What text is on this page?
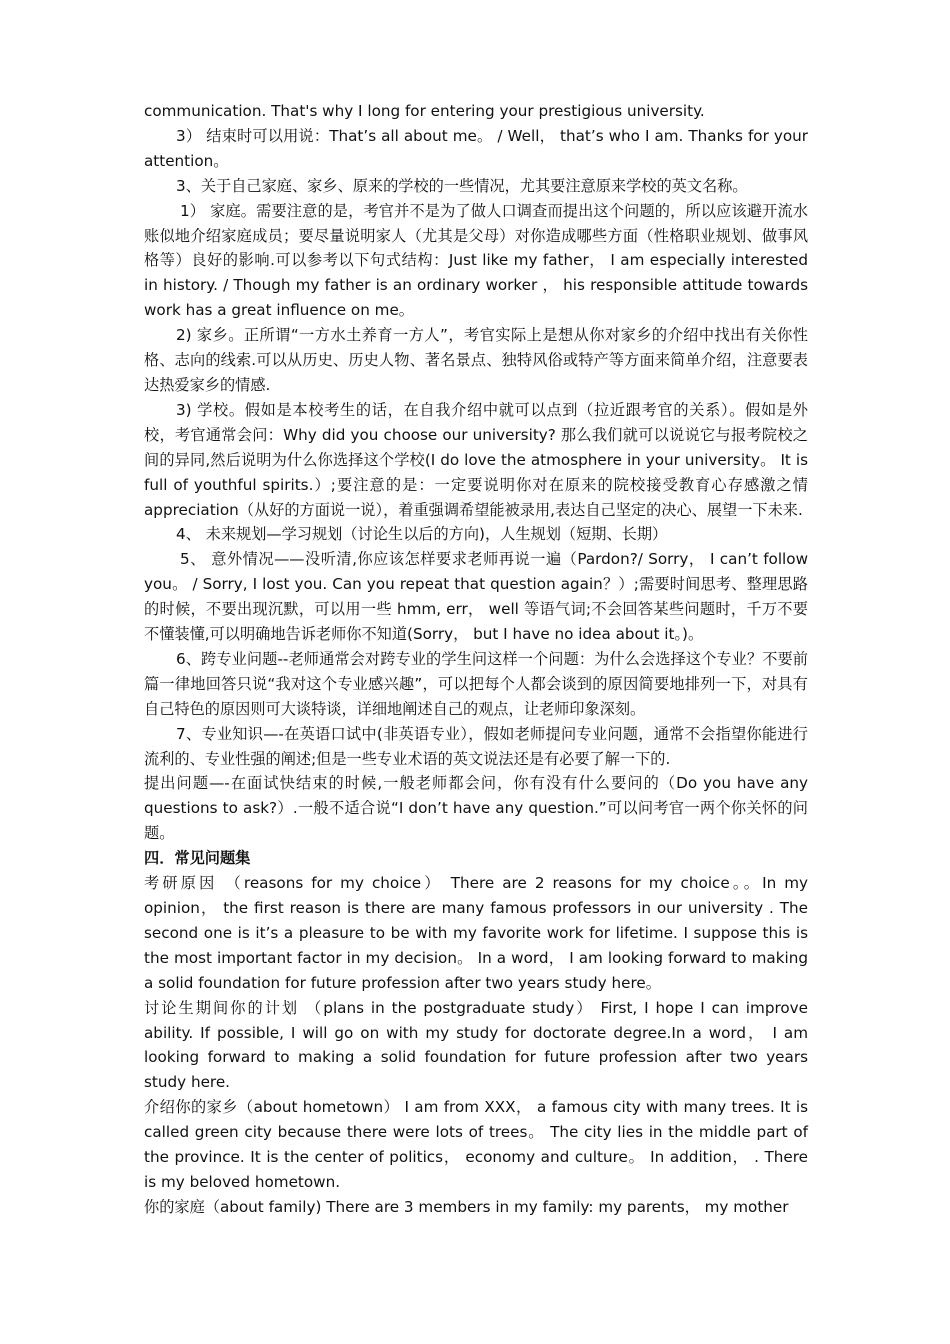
communication. That's why I long for entering your prestigious university.

3） 结束时可以用说：That’s all about me。 / Well， that’s who I am. Thanks for your attention。

3、关于自己家庭、家乡、原来的学校的一些情况，尤其要注意原来学校的英文名称。

1） 家庭。需要注意的是，考官并不是为了做人口调查而提出这个问题的，所以应该避开流水账似地介绍家庭成员；要尽量说明家人（尤其是父母）对你造成哪些方面（性格职业规划、做事风格等）良好的影响.可以参考以下句式结构：Just like my father， I am especially interested in history. / Though my father is an ordinary worker ， his responsible attitude towards work has a great influence on me。

2) 家乡。正所谓“一方水土养育一方人”，考官实际上是想从你对家乡的介绍中找出有关你性格、志向的线索.可以从历史、历史人物、著名景点、独特风俗或特产等方面来简单介绍，注意要表达热爱家乡的情感.

3) 学校。假如是本校考生的话，在自我介绍中就可以点到（拉近跟考官的关系）。假如是外校，考官通常会问：Why did you choose our university? 那么我们就可以说说它与报考院校之间的异同,然后说明为什么你选择这个学校(I do love the atmosphere in your university。 It is full of youthful spirits.）;要注意的是：一定要说明你对在原来的院校接受教育心存感激之情 appreciation（从好的方面说一说），着重强调希望能被录用,表达自己坚定的决心、展望一下未来.

4、 未来规划—学习规划（讨论生以后的方向)，人生规划（短期、长期）

5、 意外情况——没听清,你应该怎样要求老师再说一遍（Pardon?/ Sorry， I can’t follow you。 / Sorry, I lost you. Can you repeat that question again？）;需要时间思考、整理思路的时候，不要出现沉默，可以用一些 hmm, err， well 等语气词;不会回答某些问题时，千万不要不懂装懂,可以明确地告诉老师你不知道(Sorry， but I have no idea about it。)。

6、跨专业问题--老师通常会对跨专业的学生问这样一个问题：为什么会选择这个专业？不要前篇一律地回答只说“我对这个专业感兴趣”，可以把每个人都会谈到的原因简要地排列一下，对具有自己特色的原因则可大谈特谈，详细地阐述自己的观点，让老师印象深刻。

7、专业知识—-在英语口试中(非英语专业），假如老师提问专业问题，通常不会指望你能进行流利的、专业性强的阐述;但是一些专业术语的英文说法还是有必要了解一下的.

提出问题—-在面试快结束的时候,一般老师都会问，你有没有什么要问的（Do you have any questions to ask?）.一般不适合说“I don’t have any question.”可以问考官一两个你关怀的问题。

四．常见问题集

考研原因 （reasons for my choice） There are 2 reasons for my choice。。In my opinion， the first reason is there are many famous professors in our university . The second one is it’s a pleasure to be with my favorite work for lifetime. I suppose this is the most important factor in my decision。 In a word， I am looking forward to making a solid foundation for future profession after two years study here。

讨论生期间你的计划 （plans in the postgraduate study） First, I hope I can improve ability. If possible, I will go on with my study for doctorate degree.In a word， I am looking forward to making a solid foundation for future profession after two years study here.

介绍你的家乡（about hometown） I am from XXX， a famous city with many trees. It is called green city because there were lots of trees。 The city lies in the middle part of the province. It is the center of politics， economy and culture。 In addition， . There is my beloved hometown.

你的家庭（about family) There are 3 members in my family: my parents， my mother
